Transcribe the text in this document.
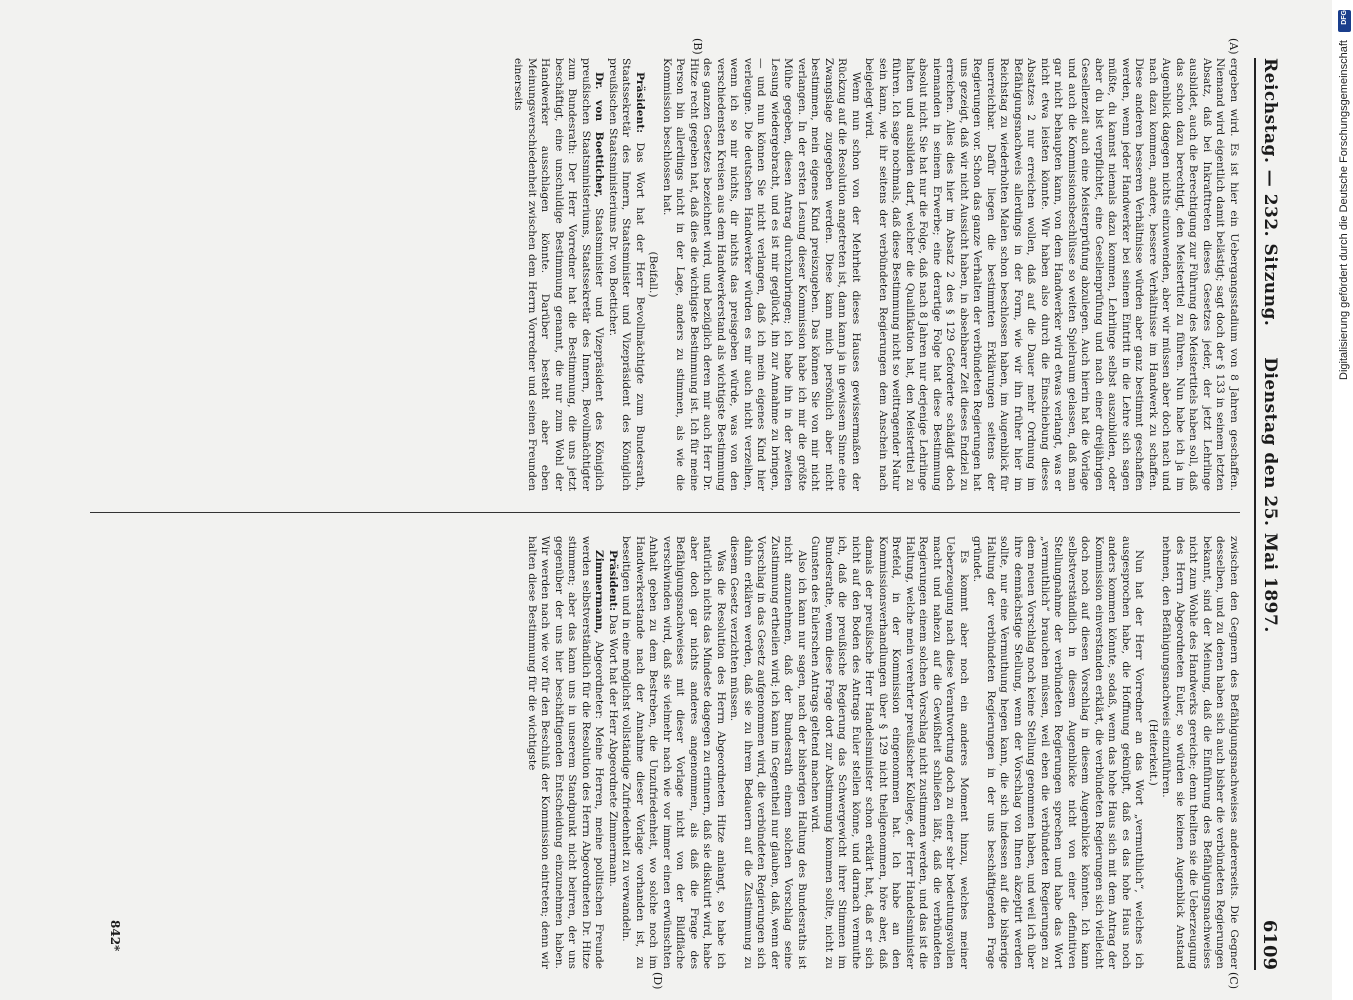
Reichstag. — 232. Sitzung.
Dienstag den 25. Mai 1897.
6109
(A)
(B)
(C)
(D)

ergeben wird. Es ist hier ein Uebergangsstadium von 8 Jahren geschaffen. Niemand wird eigentlich damit belästigt; sagt doch der § 133 in seinem letzten Absatz, daß bei Inkrafttreten dieses Gesetzes jeder, der jetzt Lehrlinge ausbildet, auch die Berechtigung zur Führung des Meistertitels haben soll, daß das schon dazu berechtigt, den Meistertitel zu führen. Nun habe ich ja im Augenblick dagegen nichts einzuwenden, aber wir müssen aber doch nach und nach dazu kommen, andere, bessere Verhältnisse im Handwerk zu schaffen. Diese anderen besseren Verhältnisse würden aber ganz bestimmt geschaffen werden, wenn jeder Handwerker bei seinem Eintritt in die Lehre sich sagen müßte, du kannst niemals dazu kommen, Lehrlinge selbst auszubilden, oder aber du bist verpflichtet, eine Gesellenprüfung und nach einer dreijährigen Gesellenzeit auch eine Meisterprüfung abzulegen. Auch hierin hat die Vorlage und auch die Kommissionsbeschlüsse so weiten Spielraum gelassen, daß man gar nicht behaupten kann, von dem Handwerker wird etwas verlangt, was er nicht etwa leisten könnte. Wir haben also durch die Einschiebung dieses Absatzes 2 nur erreichen wollen, daß auf die Dauer mehr Ordnung im Befähigungsnachweis allerdings in der Form, wie wir ihn früher hier im Reichstag zu wiederholten Malen schon beschlossen haben, im Augenblick für unerreichbar. Dafür liegen die bestimmten Erklärungen seitens der Regierungen vor. Schon das ganze Verhalten der verbündeten Regierungen hat uns gezeigt, daß wir nicht Aussicht haben, in absehbarer Zeit dieses Endziel zu erreichen. Alles dies hier im Absatz 2 des § 129 Geforderte schädigt doch niemanden in seinem Erwerbe; eine derartige Folge hat diese Bestimmung absolut nicht. Sie hat nur die Folge, daß nach 8 Jahren nur derjenige Lehrlinge halten und ausbilden darf, welcher die Qualifikation hat, den Meistertitel zu führen. Ich sage nochmals, daß diese Bestimmung nicht so weittragender Natur sein kann, wie ihr seitens der verbündeten Regierungen dem Anschein nach beigelegt wird.

Wenn nun schon von der Mehrheit dieses Hauses gewissermaßen der Rückzug auf die Resolution angetreten ist, dann kann ja in gewissem Sinne eine Zwangslage zugegeben werden. Diese kann mich persönlich aber nicht bestimmen, mein eigenes Kind preiszugeben. Das können Sie von mir nicht verlangen. In der ersten Lesung dieser Kommission habe ich mir die größte Mühe gegeben, diesen Antrag durchzubringen; ich habe ihn in der zweiten Lesung wiedergebracht, und es ist mir geglückt, ihn zur Annahme zu bringen, — und nun können Sie nicht verlangen, daß ich mein eigenes Kind hier verleugne. Die deutschen Handwerker würden es mir auch nicht verzeihen, wenn ich so mir nichts, dir nichts das preisgeben würde, was von den verschiedensten Kreisen aus dem Handwerkerstand als wichtigste Bestimmung des ganzen Gesetzes bezeichnet wird, und bezüglich deren mir auch Herr Dr. Hitze recht gegeben hat, daß dies die wichtigste Bestimmung ist. Ich für meine Person bin allerdings nicht in der Lage, anders zu stimmen, als wie die Kommission beschlossen hat.

(Beifall.)

Präsident: Das Wort hat der Herr Bevollmächtigte zum Bundesrath, Staatssekretär des Innern, Staatsminister und Vizepräsident des Königlich preußischen Staatsministeriums Dr. von Boetticher.

Dr. von Boetticher, Staatsminister und Vizepräsident des Königlich preußischen Staatsministeriums, Staatssekretär des Innern, Bevollmächtigter zum Bundesrath: Der Herr Vorredner hat die Bestimmung, die uns jetzt beschäftigt, eine unschuldige Bestimmung genannt, die nur zum Wohl der Handwerker ausschlagen könnte. Darüber besteht aber eben Meinungsverschiedenheit zwischen dem Herrn Vorredner und seinen Freunden einerseits

zwischen den Gegnern des Befähigungsnachweises andererseits. Die Gegner desselben, und zu denen haben sich auch bisher die verbündeten Regierungen bekannt, sind der Meinung, daß die Einführung des Befähigungsnachweises nicht zum Wohle des Handwerks gereiche; denn theilten sie die Ueberzeugung des Herrn Abgeordneten Euler, so würden sie keinen Augenblick Anstand nehmen, den Befähigungsnachweis einzuführen.

(Heiterkeit.)

Nun hat der Herr Vorredner an das Wort „vermuthlich“, welches ich ausgesprochen habe, die Hoffnung geknüpft, daß es das hohe Haus noch anders kommen könnte, sodaß, wenn das hohe Haus sich mit dem Antrag der Kommission einverstanden erklärt, die verbündeten Regierungen sich vielleicht doch noch auf diesen Vorschlag in diesem Augenblicke könnten. Ich kann selbstverständlich in diesem Augenblicke nicht von einer definitiven Stellungnahme der verbündeten Regierungen sprechen und habe das Wort „vermuthlich“ brauchen müssen, weil eben die verbündeten Regierungen zu dem neuen Vorschlag noch keine Stellung genommen haben, und weil ich über ihre demnächstige Stellung, wenn der Vorschlag von Ihnen akzeptirt werden sollte, nur eine Vermuthung hegen kann, die sich indessen auf die bisherige Haltung der verbündeten Regierungen in der uns beschäftigenden Frage gründet.

Es kommt aber noch ein anderes Moment hinzu, welches meiner Ueberzeugung nach diese Verantwortung doch zu einer sehr bedeutungsvollen macht und nahezu auf die Gewißheit schließen läßt, daß die verbündeten Regierungen einem solchen Vorschlag nicht zustimmen werden, und das ist die Haltung, welche mein verehrter preußischer Kollege, der Herr Handelsminister Brefeld, in der Kommission eingenommen hat. Ich habe an den Kommissionsverhandlungen über § 129 nicht theilgenommen, höre aber, daß damals der preußische Herr Handelsminister schon erklärt hat, daß er sich nicht auf den Boden des Antrags Euler stellen könne, und darnach vermuthe ich, daß die preußische Regierung das Schwergewicht ihrer Stimmen im Bundesrathe, wenn diese Frage dort zur Abstimmung kommen sollte, nicht zu Gunsten des Eulerschen Antrags geltend machen wird.

Also ich kann nur sagen, nach der bisherigen Haltung des Bundesraths ist nicht anzunehmen, daß der Bundesrath einem solchen Vorschlag seine Zustimmung ertheilen wird; ich kann im Gegentheil nur glauben, daß, wenn der Vorschlag in das Gesetz aufgenommen wird, die verbündeten Regierungen sich dahin erklären werden, daß sie zu ihrem Bedauern auf die Zustimmung zu diesem Gesetz verzichten müssen.

Was die Resolution des Herrn Abgeordneten Hitze anlangt, so habe ich natürlich nichts das Mindeste dagegen zu erinnern, daß sie diskutirt wird, habe aber doch gar nichts anderes angenommen, als daß die Frage des Befähigungsnachweises mit dieser Vorlage nicht von der Bildfläche verschwinden wird, daß sie vielmehr nach wie vor immer einen erwünschten Anhalt geben zu dem Bestreben, die Unzufriedenheit, wo solche noch im Handwerkerstande nach der Annahme dieser Vorlage vorhanden ist, zu beseitigen und in eine möglichst vollständige Zufriedenheit zu verwandeln.

Präsident: Das Wort hat der Herr Abgeordnete Zimmermann.

Zimmermann, Abgeordneter: Meine Herren, meine politischen Freunde werden selbstverständlich für die Resolution des Herrn Abgeordneten Dr. Hitze stimmen; aber das kann uns in unserem Standpunkt nicht beirren, der uns gegenüber der uns hier beschäftigenden Entscheidung einzunehmen haben. Wir werden nach wie vor für den Beschluß der Kommission eintreten; denn wir halten diese Bestimmung für die wichtigste

842*
DFG
Digitalisierung gefördert durch die Deutsche Forschungsgemeinschaft
